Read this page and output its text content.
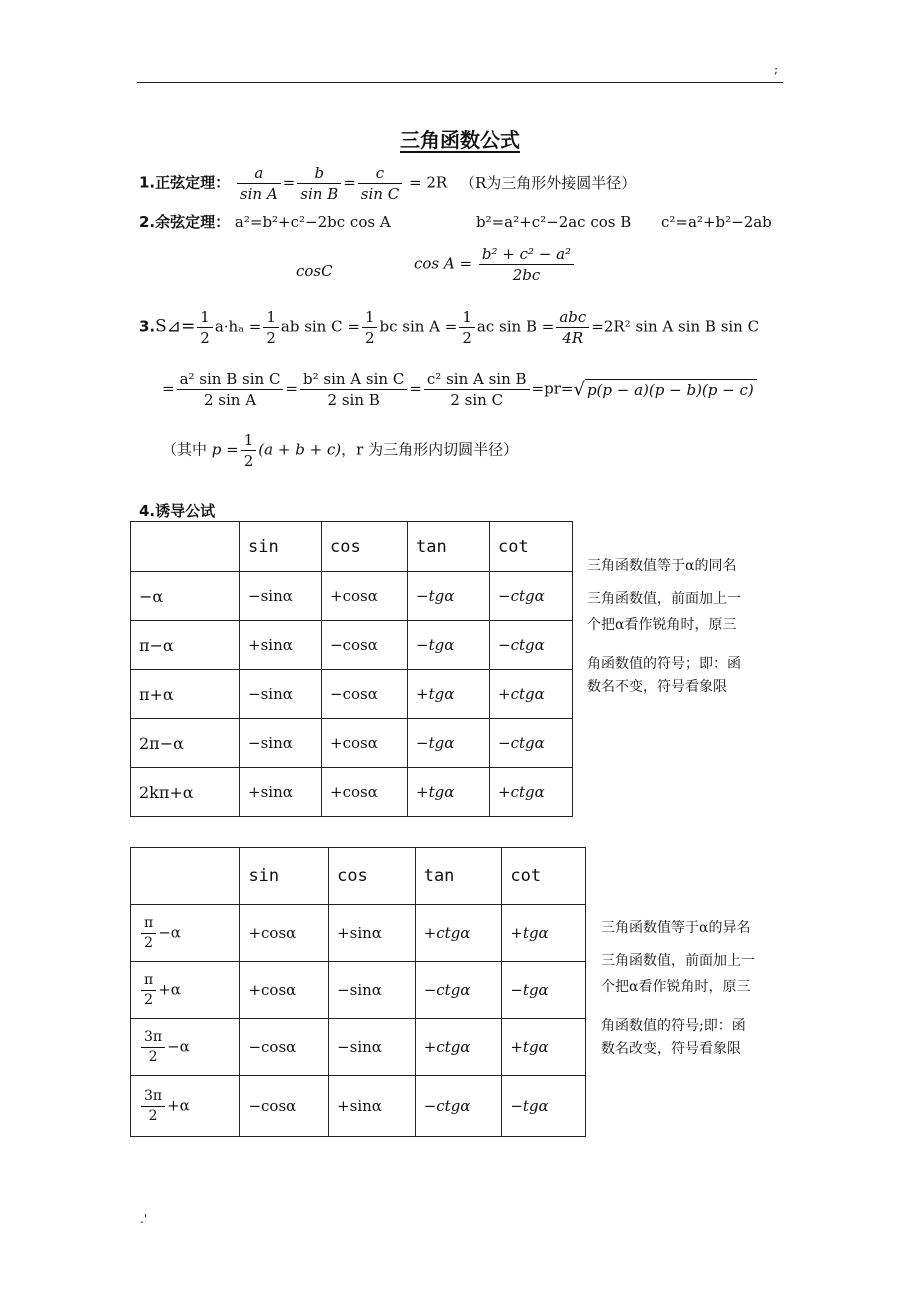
;
.'
三角函数公式
1.正弦定理： $\frac{a}{\text{sin A}} = \frac{b}{\text{sin B}} = \frac{c}{\text{sin C}} = 2R$ （R为三角形外接圆半径）
2.余弦定理： a²=b²+c²−2bc cos A	b²=a²+c²−2ac cos B c²=a²+b²−2ab
cosC	$\cos A = \frac{\text{b² + c² − a²}}{2bc}$
3.S⊿= $\frac{1}{2} a\cdot h_a = \frac{1}{2}$ ab $\sin C = \frac{1}{2}$ bc $\sin A = \frac{1}{2}$ ac $\sin B = \frac{\text{abc}}{4R} =2R^2$ sin A sin B sin C
= $\frac{\text{a² sin B sin C}}{\text{2 sin A}} = \frac{\text{b² sin A sin C}}{\text{2 sin B}} = \frac{\text{c² sin A sin B}}{\text{2 sin C}} =pr=√$ p(p − a)(p − b)(p − c)
（其中 $p = \frac{1}{2} (a + b + c)$，r 为三角形内切圆半径）
4.诱导公试
	sin	cos	tan	cot
−α	−sinα	+cosα	−tgα	−ctgα
π−α	+sinα	−cosα	−tgα	−ctgα
π+α	−sinα	−cosα	+tgα	+ctgα
2π−α	−sinα	+cosα	−tgα	−ctgα
2kπ+α	+sinα	+cosα	+tgα	+ctgα
三角函数值等于α的同名
三角函数值，前面加上一
个把α看作锐角时，原三
角函数值的符号；即：函
数名不变，符号看象限
	sin	cos	tan	cot

$\frac{\pi}{2} -\alpha$	+cosα	+sinα	+ctgα	+tgα

$\frac{\pi}{2} +\alpha$	+cosα	−sinα	−ctgα	−tgα

$\frac{3\pi}{2} -\alpha$	−cosα	−sinα	+ctgα	+tgα

$\frac{3\pi}{2} +\alpha$	−cosα	+sinα	−ctgα	−tgα
三角函数值等于α的异名
三角函数值，前面加上一
个把α看作锐角时，原三
角函数值的符号;即：函
数名改变，符号看象限
